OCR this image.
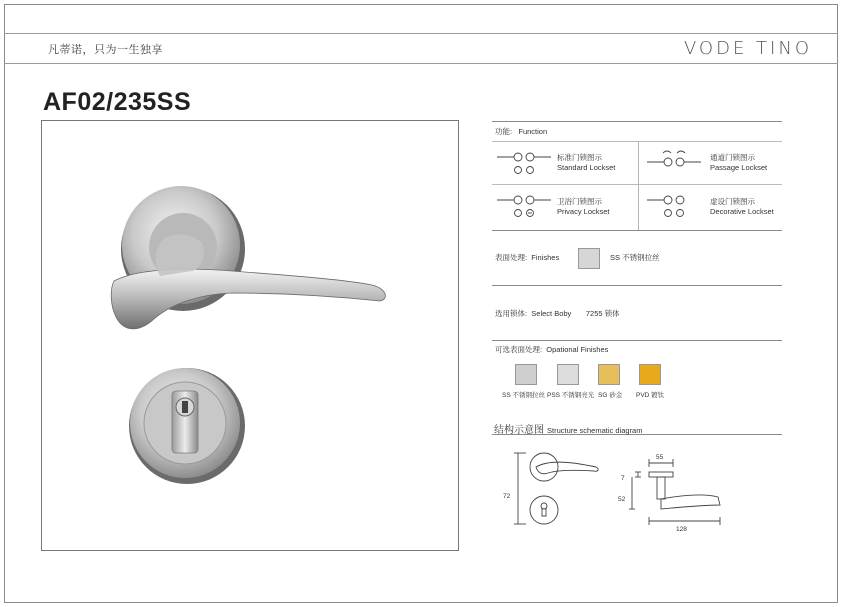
凡蒂诺，只为一生独享	VODE TINO
AF02/235SS
功能: Function
标准门锁图示
Standard Lockset
通道门锁图示
Passage Lockset
卫浴门锁图示
Privacy Lockset
虚设门锁图示
Decorative Lockset
表面处理: Finishes	SS 不锈钢拉丝
选用锁体: Select Boby 7255 锁体
可选表面处理: Opational Finishes
SS 不锈钢拉丝 PSS 不锈钢亮光 SG 砂金 PVD 镀钛
结构示意图 Structure schematic diagram
72
55
7
52
128
